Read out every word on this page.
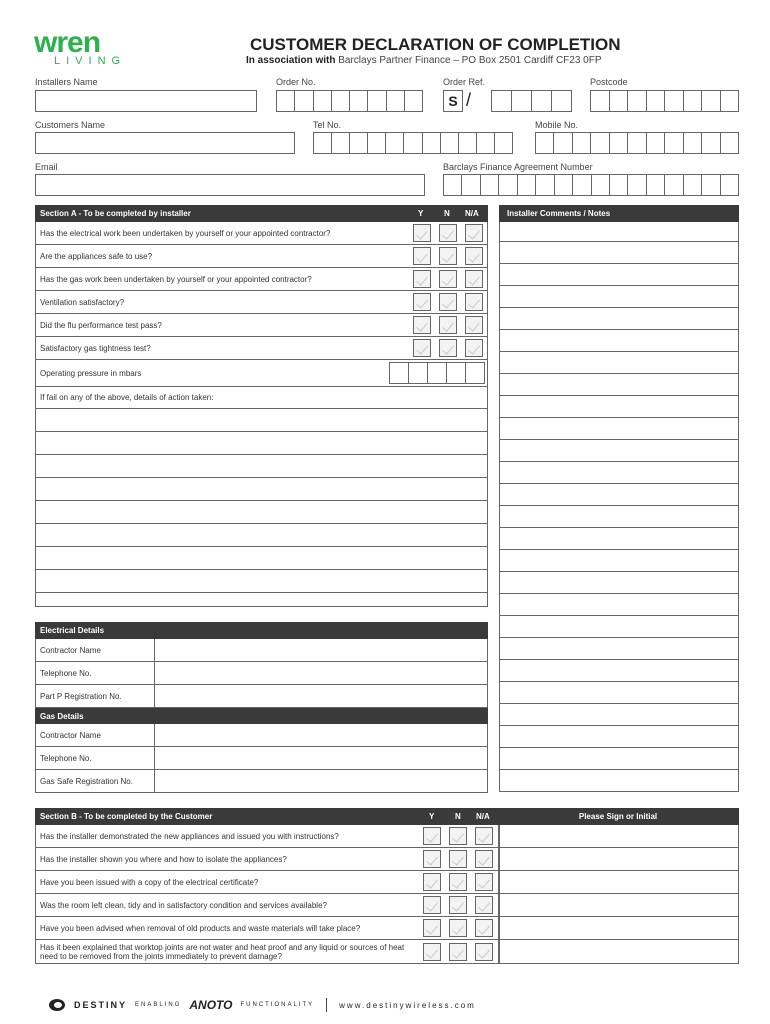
wren
LIVING
CUSTOMER DECLARATION OF COMPLETION
In association with Barclays Partner Finance – PO Box 2501 Cardiff CF23 0FP
Installers Name	Order No.	Order Ref.	Postcode
S /
Customers Name	Tel No.	Mobile No.
Email	Barclays Finance Agreement Number
Section A - To be completed by installer	Y	N N/A	Installer Comments / Notes
Has the electrical work been undertaken by yourself or your appointed contractor?
Are the appliances safe to use?
Has the gas work been undertaken by yourself or your appointed contractor?
Ventilation satisfactory?
Did the flu performance test pass?
Satisfactory gas tightness test?
Operating pressure in mbars
If fail on any of the above, details of action taken:
Electrical Details
Contractor Name
Telephone No.
Part P Registration No.
Gas Details
Contractor Name
Telephone No.
Gas Safe Registration No.
Section B - To be completed by the Customer	Y	N N/A	Please Sign or Initial
Has the installer demonstrated the new appliances and issued you with instructions?
Has the installer shown you where and how to isolate the appliances?
Have you been issued with a copy of the electrical certificate?
Was the room left clean, tidy and in satisfactory condition and services available?
Have you been advised when removal of old products and waste materials will take place?
Has it been explained that worktop joints are not water and heat proof and any liquid or sources of heat need to be removed from the joints immediately to prevent damage?
DESTINY ENABLING ANOTO FUNCTIONALITY	www.destinywireless.com
